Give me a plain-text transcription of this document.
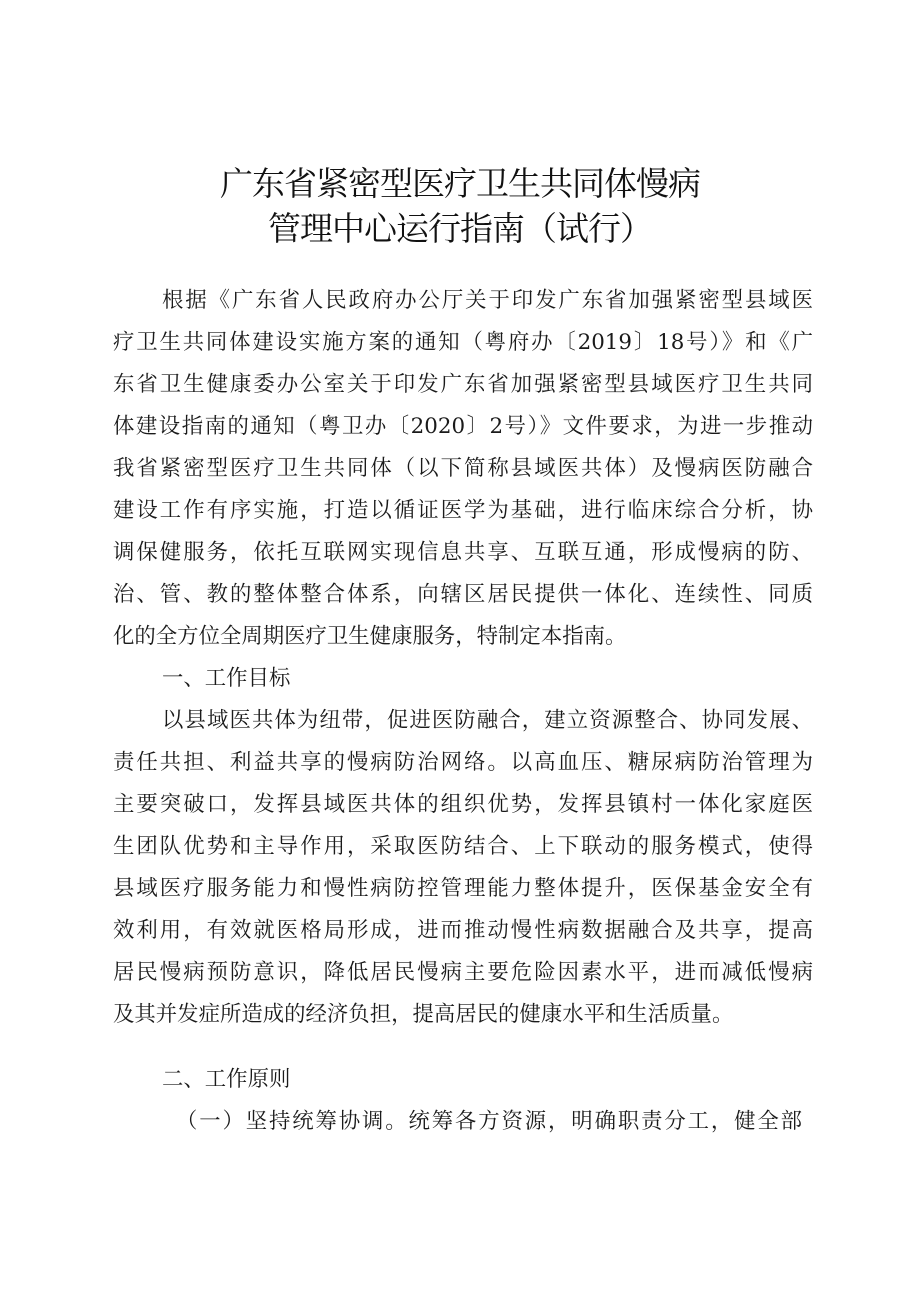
广东省紧密型医疗卫生共同体慢病
管理中心运行指南（试行）
根据《广东省人民政府办公厅关于印发广东省加强紧密型县域医
疗卫生共同体建设实施方案的通知（粤府办〔2019〕18号）》和《广
东省卫生健康委办公室关于印发广东省加强紧密型县域医疗卫生共同
体建设指南的通知（粤卫办〔2020〕2号）》文件要求，为进一步推动
我省紧密型医疗卫生共同体（以下简称县域医共体）及慢病医防融合
建设工作有序实施，打造以循证医学为基础，进行临床综合分析，协
调保健服务，依托互联网实现信息共享、互联互通，形成慢病的防、
治、管、教的整体整合体系，向辖区居民提供一体化、连续性、同质
化的全方位全周期医疗卫生健康服务，特制定本指南。
一、工作目标
以县域医共体为纽带，促进医防融合，建立资源整合、协同发展、
责任共担、利益共享的慢病防治网络。以高血压、糖尿病防治管理为
主要突破口，发挥县域医共体的组织优势，发挥县镇村一体化家庭医
生团队优势和主导作用，采取医防结合、上下联动的服务模式，使得
县域医疗服务能力和慢性病防控管理能力整体提升，医保基金安全有
效利用，有效就医格局形成，进而推动慢性病数据融合及共享，提高
居民慢病预防意识，降低居民慢病主要危险因素水平，进而减低慢病
及其并发症所造成的经济负担，提高居民的健康水平和生活质量。
二、工作原则
（一）坚持统筹协调。统筹各方资源，明确职责分工，健全部
